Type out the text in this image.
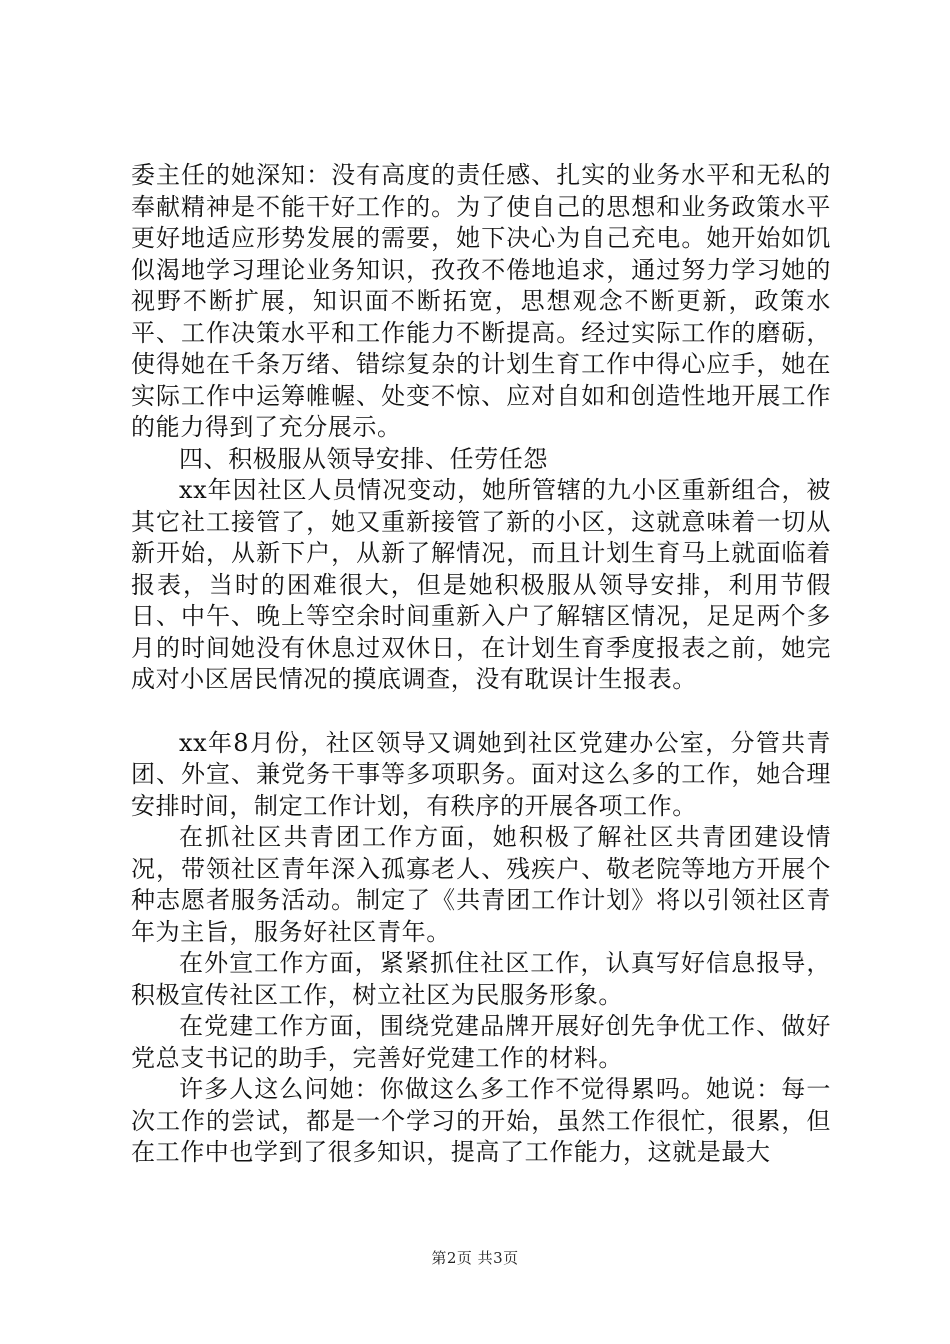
委主任的她深知：没有高度的责任感、扎实的业务水平和无私的奉献精神是不能干好工作的。为了使自己的思想和业务政策水平更好地适应形势发展的需要，她下决心为自己充电。她开始如饥似渴地学习理论业务知识，孜孜不倦地追求，通过努力学习她的视野不断扩展，知识面不断拓宽，思想观念不断更新，政策水平、工作决策水平和工作能力不断提高。经过实际工作的磨砺，使得她在千条万绪、错综复杂的计划生育工作中得心应手，她在实际工作中运筹帷幄、处变不惊、应对自如和创造性地开展工作的能力得到了充分展示。

四、积极服从领导安排、任劳任怨

xx年因社区人员情况变动，她所管辖的九小区重新组合，被其它社工接管了，她又重新接管了新的小区，这就意味着一切从新开始，从新下户，从新了解情况，而且计划生育马上就面临着报表，当时的困难很大，但是她积极服从领导安排，利用节假日、中午、晚上等空余时间重新入户了解辖区情况，足足两个多月的时间她没有休息过双休日，在计划生育季度报表之前，她完成对小区居民情况的摸底调查，没有耽误计生报表。

xx年8月份，社区领导又调她到社区党建办公室，分管共青团、外宣、兼党务干事等多项职务。面对这么多的工作，她合理安排时间，制定工作计划，有秩序的开展各项工作。

在抓社区共青团工作方面，她积极了解社区共青团建设情况，带领社区青年深入孤寡老人、残疾户、敬老院等地方开展个种志愿者服务活动。制定了《共青团工作计划》将以引领社区青年为主旨，服务好社区青年。

在外宣工作方面，紧紧抓住社区工作，认真写好信息报导，积极宣传社区工作，树立社区为民服务形象。

在党建工作方面，围绕党建品牌开展好创先争优工作、做好党总支书记的助手，完善好党建工作的材料。

许多人这么问她：你做这么多工作不觉得累吗。她说：每一次工作的尝试，都是一个学习的开始，虽然工作很忙，很累，但在工作中也学到了很多知识，提高了工作能力，这就是最大

第2页 共3页
